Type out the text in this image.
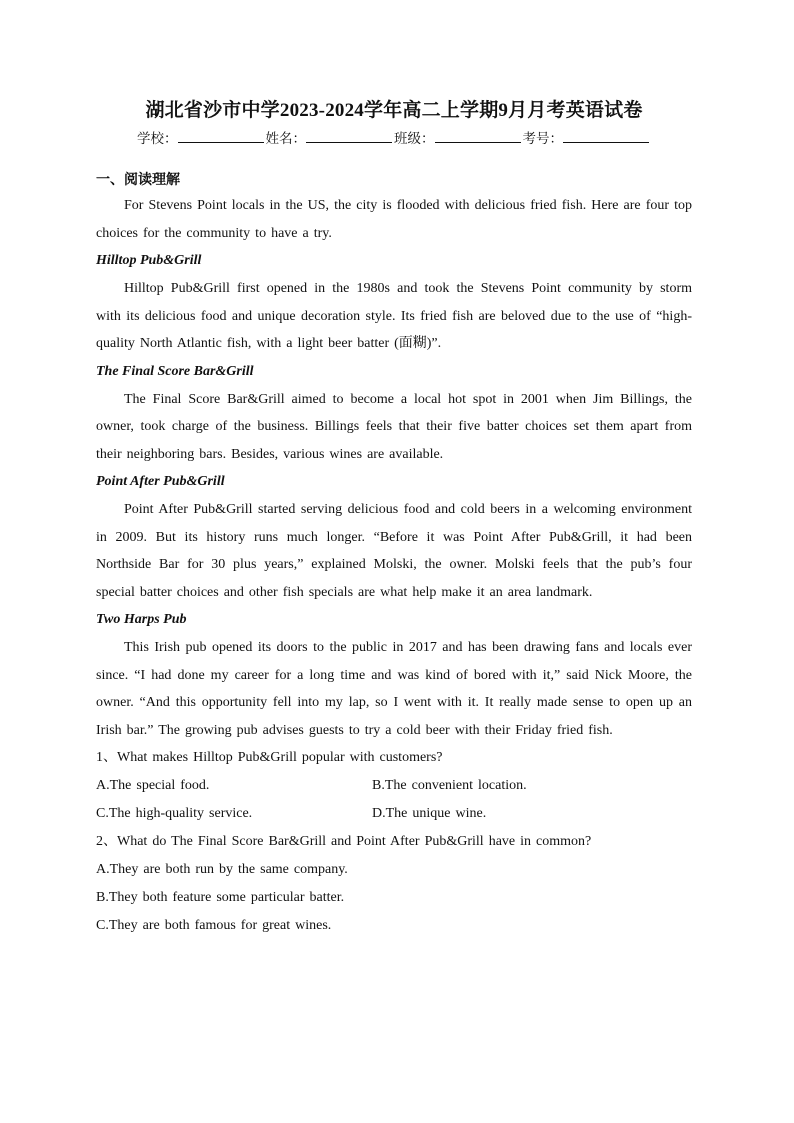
湖北省沙市中学2023-2024学年高二上学期9月月考英语试卷
学校：	姓名：	班级：	考号：
一、阅读理解

For Stevens Point locals in the US, the city is flooded with delicious fried fish. Here are four top choices for the community to have a try.

Hilltop Pub&Grill

Hilltop Pub&Grill first opened in the 1980s and took the Stevens Point community by storm with its delicious food and unique decoration style. Its fried fish are beloved due to the use of “high-quality North Atlantic fish, with a light beer batter (面糊)”.

The Final Score Bar&Grill

The Final Score Bar&Grill aimed to become a local hot spot in 2001 when Jim Billings, the owner, took charge of the business. Billings feels that their five batter choices set them apart from their neighboring bars. Besides, various wines are available.

Point After Pub&Grill

Point After Pub&Grill started serving delicious food and cold beers in a welcoming environment in 2009. But its history runs much longer. “Before it was Point After Pub&Grill, it had been Northside Bar for 30 plus years,” explained Molski, the owner. Molski feels that the pub’s four special batter choices and other fish specials are what help make it an area landmark.

Two Harps Pub

This Irish pub opened its doors to the public in 2017 and has been drawing fans and locals ever since. “I had done my career for a long time and was kind of bored with it,” said Nick Moore, the owner. “And this opportunity fell into my lap, so I went with it. It really made sense to open up an Irish bar.” The growing pub advises guests to try a cold beer with their Friday fried fish.

1、What makes Hilltop Pub&Grill popular with customers?
A.The special food.	B.The convenient location.
C.The high-quality service.	D.The unique wine.
2、What do The Final Score Bar&Grill and Point After Pub&Grill have in common?
A.They are both run by the same company.
B.They both feature some particular batter.
C.They are both famous for great wines.
